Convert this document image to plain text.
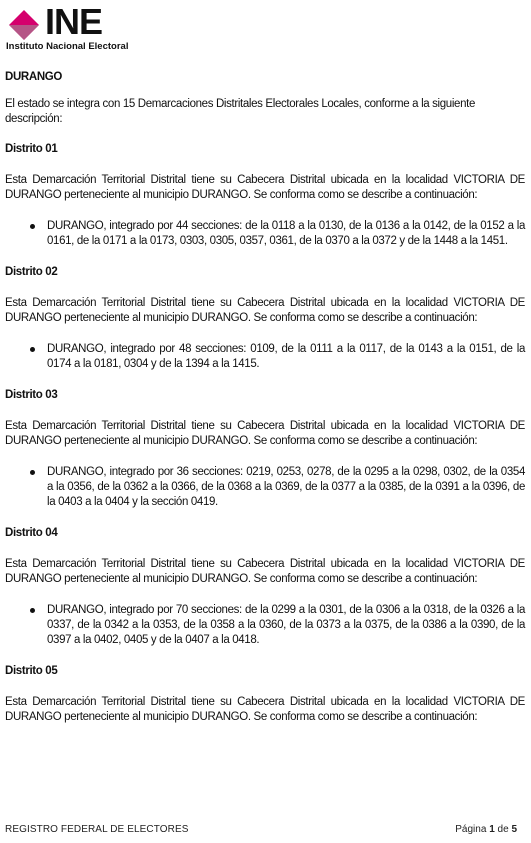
INE
Instituto Nacional Electoral
DURANGO
El estado se integra con 15 Demarcaciones Distritales Electorales Locales, conforme a la siguiente descripción:
Distrito 01
Esta Demarcación Territorial Distrital tiene su Cabecera Distrital ubicada en la localidad VICTORIA DE DURANGO perteneciente al municipio DURANGO. Se conforma como se describe a continuación:
DURANGO, integrado por 44 secciones: de la 0118 a la 0130, de la 0136 a la 0142, de la 0152 a la 0161, de la 0171 a la 0173, 0303, 0305, 0357, 0361, de la 0370 a la 0372 y de la 1448 a la 1451.
Distrito 02
Esta Demarcación Territorial Distrital tiene su Cabecera Distrital ubicada en la localidad VICTORIA DE DURANGO perteneciente al municipio DURANGO. Se conforma como se describe a continuación:
DURANGO, integrado por 48 secciones: 0109, de la 0111 a la 0117, de la 0143 a la 0151, de la 0174 a la 0181, 0304 y de la 1394 a la 1415.
Distrito 03
Esta Demarcación Territorial Distrital tiene su Cabecera Distrital ubicada en la localidad VICTORIA DE DURANGO perteneciente al municipio DURANGO. Se conforma como se describe a continuación:
DURANGO, integrado por 36 secciones: 0219, 0253, 0278, de la 0295 a la 0298, 0302, de la 0354 a la 0356, de la 0362 a la 0366, de la 0368 a la 0369, de la 0377 a la 0385, de la 0391 a la 0396, de la 0403 a la 0404 y la sección 0419.
Distrito 04
Esta Demarcación Territorial Distrital tiene su Cabecera Distrital ubicada en la localidad VICTORIA DE DURANGO perteneciente al municipio DURANGO. Se conforma como se describe a continuación:
DURANGO, integrado por 70 secciones: de la 0299 a la 0301, de la 0306 a la 0318, de la 0326 a la 0337, de la 0342 a la 0353, de la 0358 a la 0360, de la 0373 a la 0375, de la 0386 a la 0390, de la 0397 a la 0402, 0405 y de la 0407 a la 0418.
Distrito 05
Esta Demarcación Territorial Distrital tiene su Cabecera Distrital ubicada en la localidad VICTORIA DE DURANGO perteneciente al municipio DURANGO. Se conforma como se describe a continuación:
REGISTRO FEDERAL DE ELECTORES	Página 1 de 5
